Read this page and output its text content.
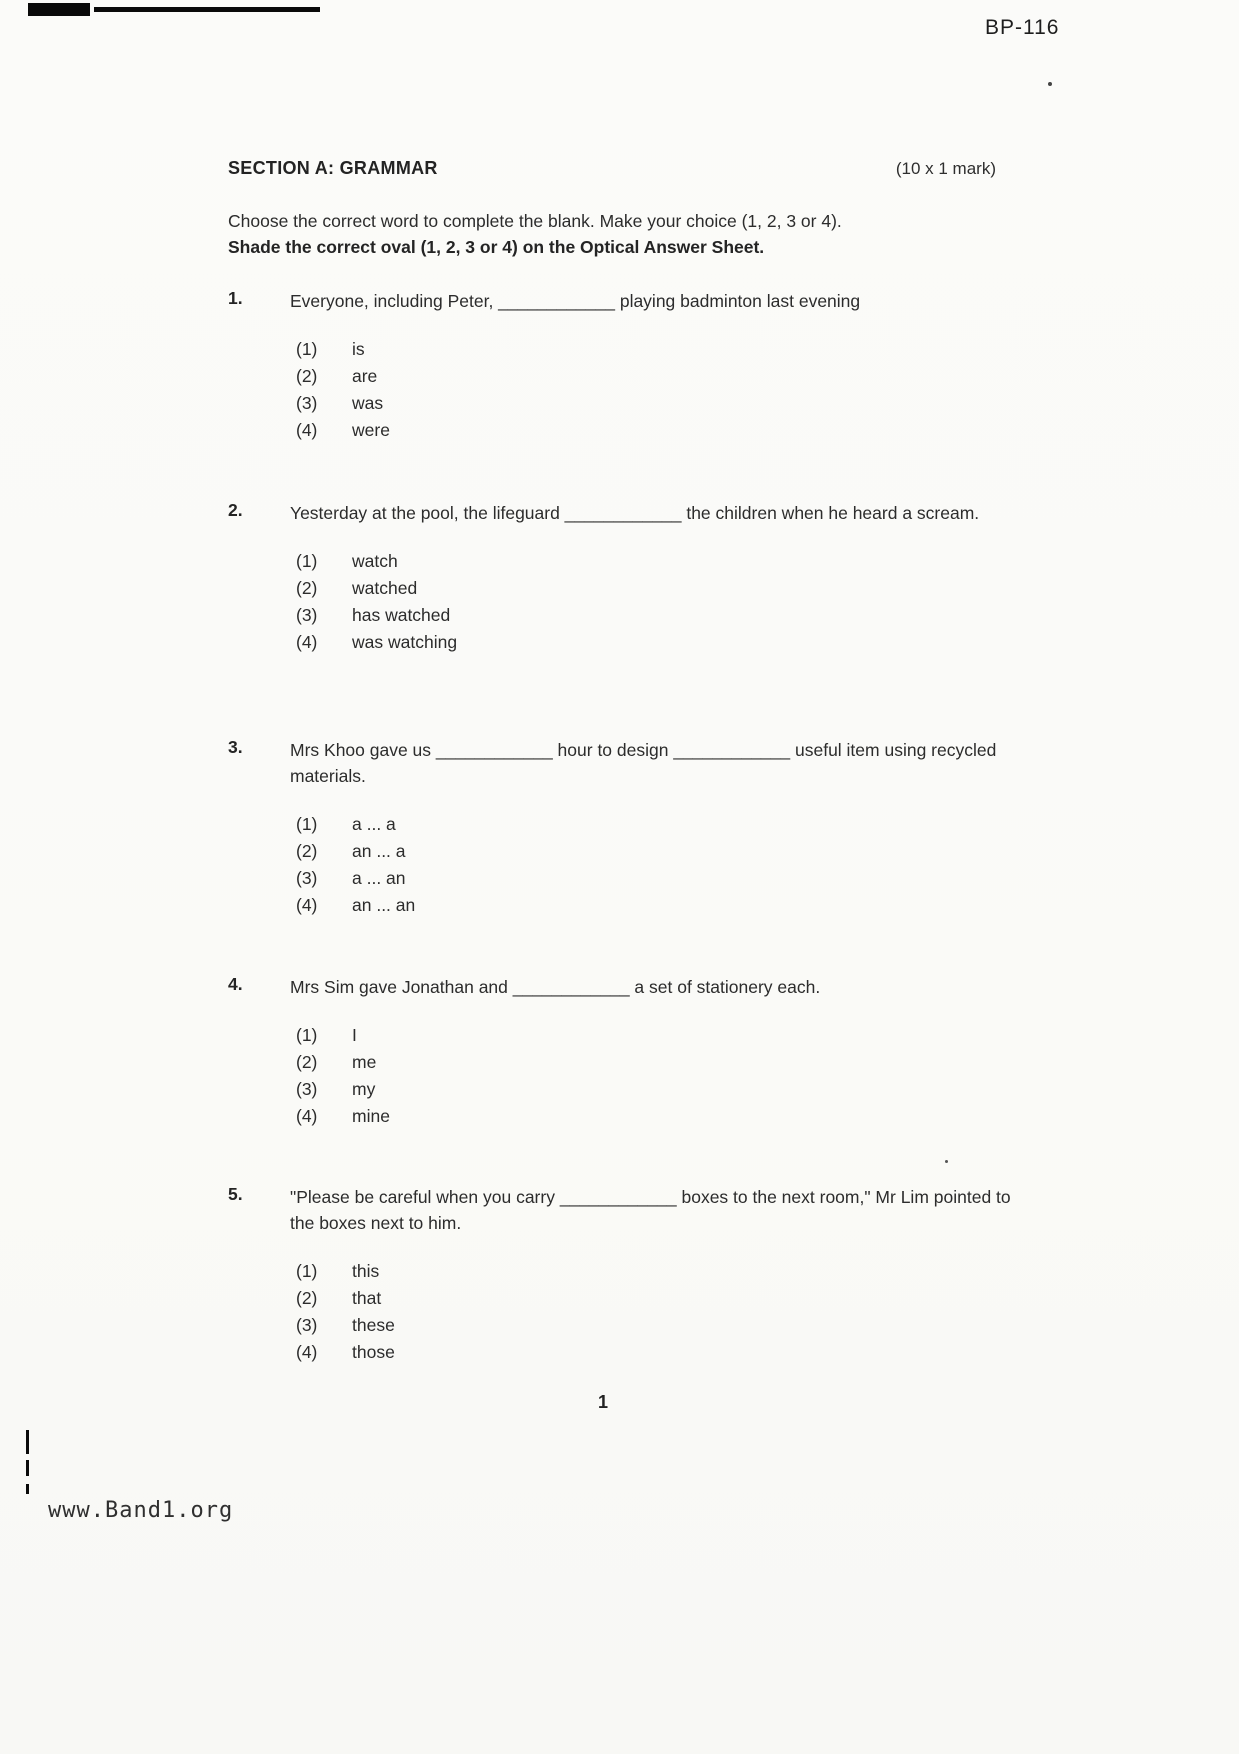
BP-116
SECTION A: GRAMMAR	(10 x 1 mark)
Choose the correct word to complete the blank. Make your choice (1, 2, 3 or 4).
Shade the correct oval (1, 2, 3 or 4) on the Optical Answer Sheet.
1.	Everyone, including Peter, ____________ playing badminton last evening
(1)	is
(2)	are
(3)	was
(4)	were
2.	Yesterday at the pool, the lifeguard ____________ the children when he heard a scream.
(1)	watch
(2)	watched
(3)	has watched
(4)	was watching
3.	Mrs Khoo gave us ____________ hour to design ____________ useful item using recycled materials.
(1)	a ... a
(2)	an ... a
(3)	a ... an
(4)	an ... an
4.	Mrs Sim gave Jonathan and ____________ a set of stationery each.
(1)	I
(2)	me
(3)	my
(4)	mine
5.	"Please be careful when you carry ____________ boxes to the next room," Mr Lim pointed to the boxes next to him.
(1)	this
(2)	that
(3)	these
(4)	those
1
www.Band1.org
